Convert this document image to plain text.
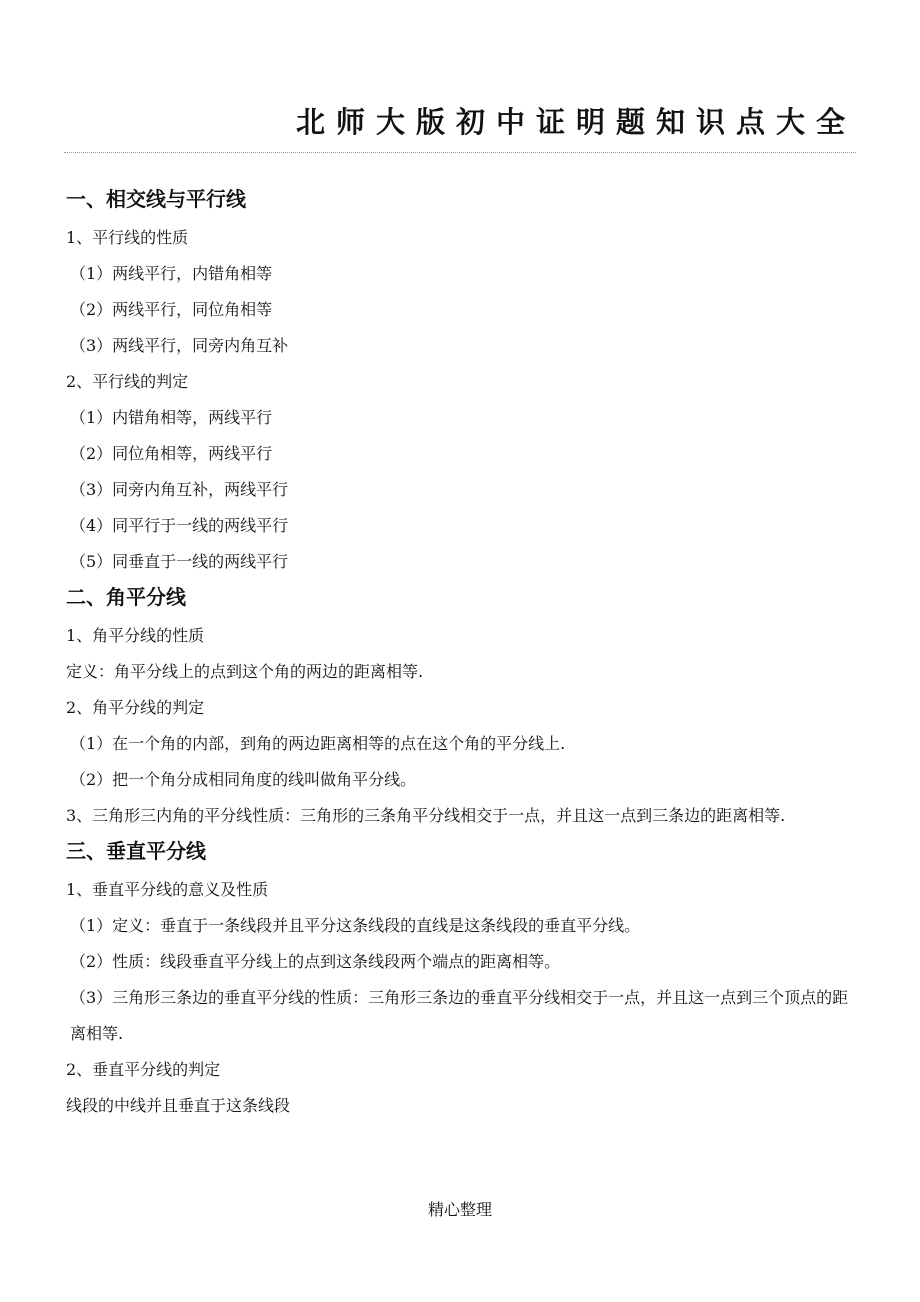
北师大版初中证明题知识点大全
一、相交线与平行线
1、平行线的性质
（1）两线平行，内错角相等
（2）两线平行，同位角相等
（3）两线平行，同旁内角互补
2、平行线的判定
（1）内错角相等，两线平行
（2）同位角相等，两线平行
（3）同旁内角互补，两线平行
（4）同平行于一线的两线平行
（5）同垂直于一线的两线平行
二、角平分线
1、角平分线的性质
定义：角平分线上的点到这个角的两边的距离相等.
2、角平分线的判定
（1）在一个角的内部，到角的两边距离相等的点在这个角的平分线上.
（2）把一个角分成相同角度的线叫做角平分线。
3、三角形三内角的平分线性质：三角形的三条角平分线相交于一点，并且这一点到三条边的距离相等.
三、垂直平分线
1、垂直平分线的意义及性质
（1）定义：垂直于一条线段并且平分这条线段的直线是这条线段的垂直平分线。
（2）性质：线段垂直平分线上的点到这条线段两个端点的距离相等。
（3）三角形三条边的垂直平分线的性质：三角形三条边的垂直平分线相交于一点，并且这一点到三个顶点的距离相等.
2、垂直平分线的判定
线段的中线并且垂直于这条线段
精心整理
